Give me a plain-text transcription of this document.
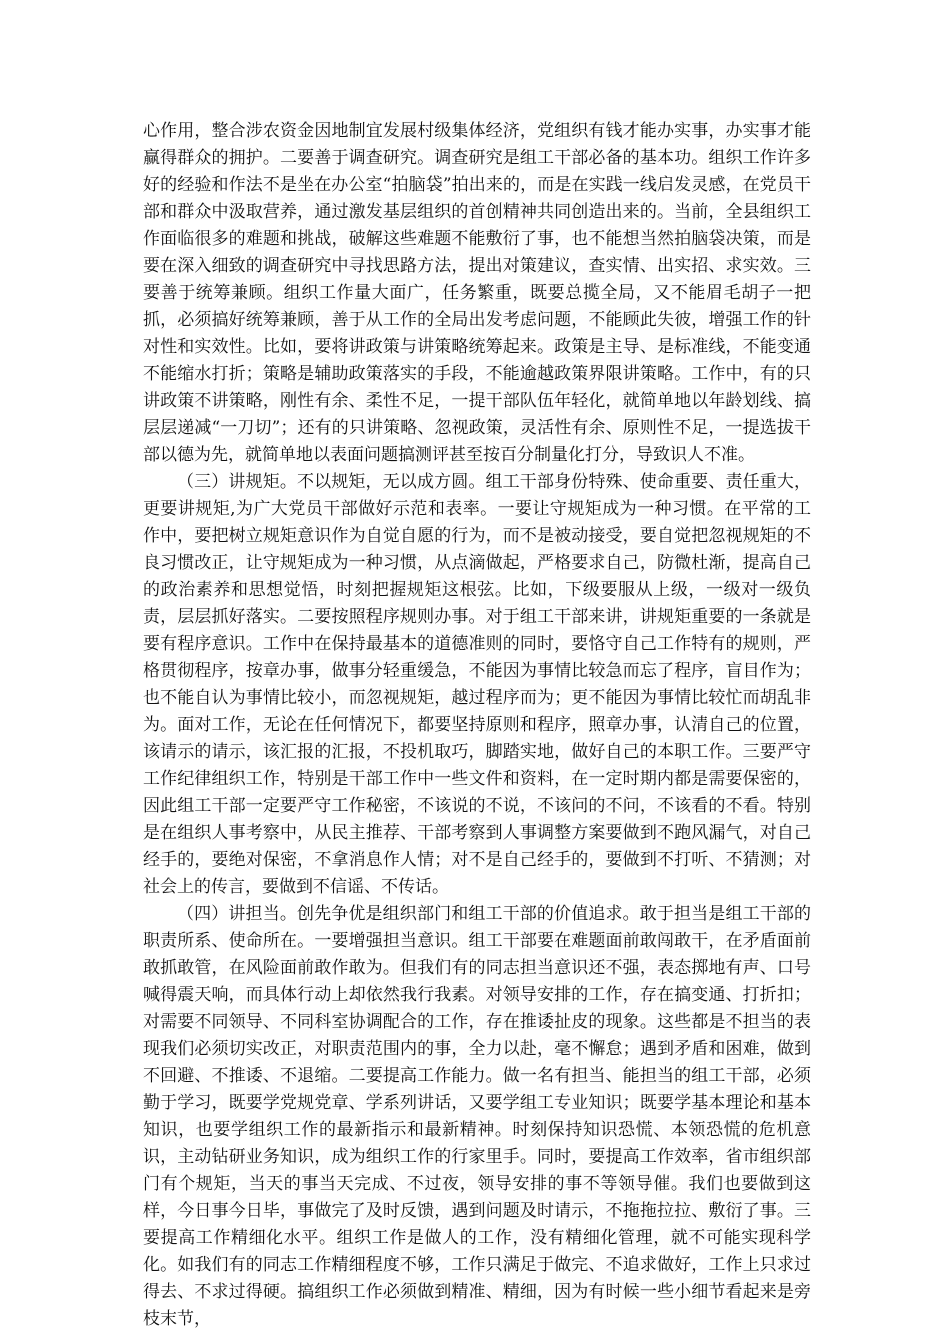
心作用，整合涉农资金因地制宜发展村级集体经济，党组织有钱才能办实事，办实事才能赢得群众的拥护。二要善于调查研究。调查研究是组工干部必备的基本功。组织工作许多好的经验和作法不是坐在办公室“拍脑袋”拍出来的，而是在实践一线启发灵感，在党员干部和群众中汲取营养，通过激发基层组织的首创精神共同创造出来的。当前，全县组织工作面临很多的难题和挑战，破解这些难题不能敷衍了事，也不能想当然拍脑袋决策，而是要在深入细致的调查研究中寻找思路方法，提出对策建议，查实情、出实招、求实效。三要善于统筹兼顾。组织工作量大面广，任务繁重，既要总揽全局，又不能眉毛胡子一把抓，必须搞好统筹兼顾，善于从工作的全局出发考虑问题，不能顾此失彼，增强工作的针对性和实效性。比如，要将讲政策与讲策略统筹起来。政策是主导、是标准线，不能变通不能缩水打折；策略是辅助政策落实的手段，不能逾越政策界限讲策略。工作中，有的只讲政策不讲策略，刚性有余、柔性不足，一提干部队伍年轻化，就简单地以年龄划线、搞层层递减“一刀切”；还有的只讲策略、忽视政策，灵活性有余、原则性不足，一提选拔干部以德为先，就简单地以表面问题搞测评甚至按百分制量化打分，导致识人不准。

（三）讲规矩。不以规矩，无以成方圆。组工干部身份特殊、使命重要、责任重大，更要讲规矩,为广大党员干部做好示范和表率。一要让守规矩成为一种习惯。在平常的工作中，要把树立规矩意识作为自觉自愿的行为，而不是被动接受，要自觉把忽视规矩的不良习惯改正，让守规矩成为一种习惯，从点滴做起，严格要求自己，防微杜渐，提高自己的政治素养和思想觉悟，时刻把握规矩这根弦。比如，下级要服从上级，一级对一级负责，层层抓好落实。二要按照程序规则办事。对于组工干部来讲，讲规矩重要的一条就是要有程序意识。工作中在保持最基本的道德准则的同时，要恪守自己工作特有的规则，严格贯彻程序，按章办事，做事分轻重缓急，不能因为事情比较急而忘了程序，盲目作为；也不能自认为事情比较小，而忽视规矩，越过程序而为；更不能因为事情比较忙而胡乱非为。面对工作，无论在任何情况下，都要坚持原则和程序，照章办事，认清自己的位置，该请示的请示，该汇报的汇报，不投机取巧，脚踏实地，做好自己的本职工作。三要严守工作纪律组织工作，特别是干部工作中一些文件和资料，在一定时期内都是需要保密的，因此组工干部一定要严守工作秘密，不该说的不说，不该问的不问，不该看的不看。特别是在组织人事考察中，从民主推荐、干部考察到人事调整方案要做到不跑风漏气，对自己经手的，要绝对保密，不拿消息作人情；对不是自己经手的，要做到不打听、不猜测；对社会上的传言，要做到不信谣、不传话。

（四）讲担当。创先争优是组织部门和组工干部的价值追求。敢于担当是组工干部的职责所系、使命所在。一要增强担当意识。组工干部要在难题面前敢闯敢干，在矛盾面前敢抓敢管，在风险面前敢作敢为。但我们有的同志担当意识还不强，表态掷地有声、口号喊得震天响，而具体行动上却依然我行我素。对领导安排的工作，存在搞变通、打折扣；对需要不同领导、不同科室协调配合的工作，存在推诿扯皮的现象。这些都是不担当的表现我们必须切实改正，对职责范围内的事，全力以赴，毫不懈怠；遇到矛盾和困难，做到不回避、不推诿、不退缩。二要提高工作能力。做一名有担当、能担当的组工干部，必须勤于学习，既要学党规党章、学系列讲话，又要学组工专业知识；既要学基本理论和基本知识，也要学组织工作的最新指示和最新精神。时刻保持知识恐慌、本领恐慌的危机意识，主动钻研业务知识，成为组织工作的行家里手。同时，要提高工作效率，省市组织部门有个规矩，当天的事当天完成、不过夜，领导安排的事不等领导催。我们也要做到这样，今日事今日毕，事做完了及时反馈，遇到问题及时请示，不拖拖拉拉、敷衍了事。三要提高工作精细化水平。组织工作是做人的工作，没有精细化管理，就不可能实现科学化。如我们有的同志工作精细程度不够，工作只满足于做完、不追求做好，工作上只求过得去、不求过得硬。搞组织工作必须做到精准、精细，因为有时候一些小细节看起来是旁枝末节，
